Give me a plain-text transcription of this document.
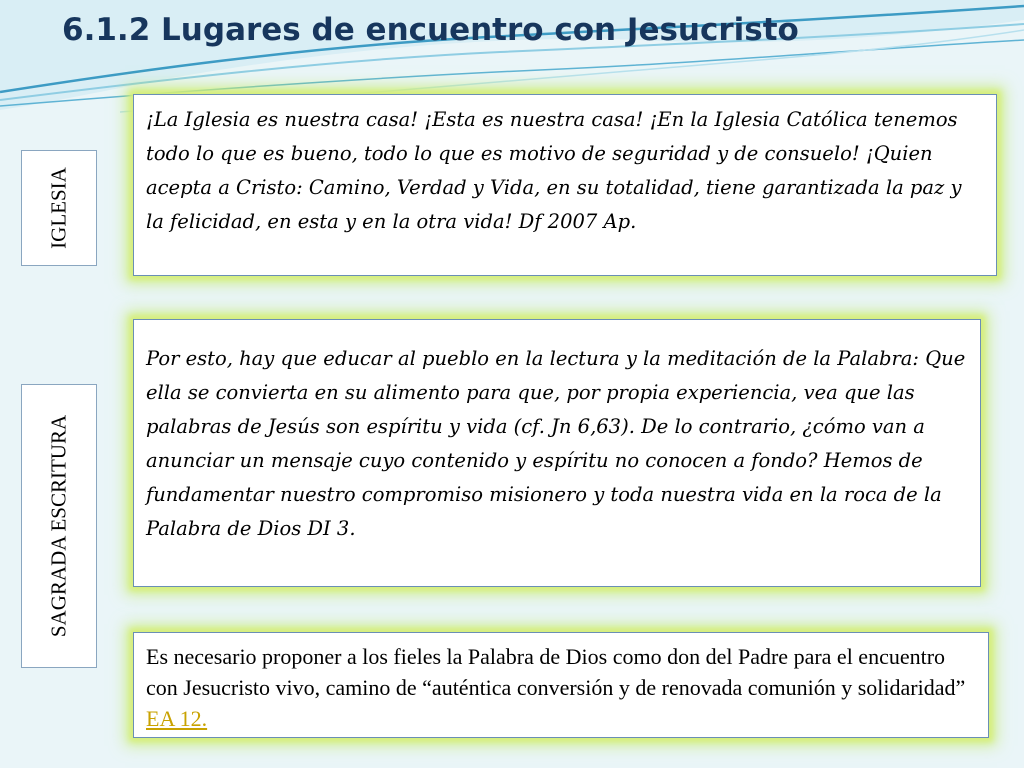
6.1.2 Lugares de encuentro con Jesucristo
IGLESIA
SAGRADA ESCRITURA

¡La Iglesia es nuestra casa! ¡Esta es nuestra casa! ¡En la Iglesia Católica tenemos todo lo que es bueno, todo lo que es motivo de seguridad y de consuelo! ¡Quien acepta a Cristo: Camino, Verdad y Vida, en su totalidad, tiene garantizada la paz y la felicidad, en esta y en la otra vida! Df 2007 Ap.

Por esto, hay que educar al pueblo en la lectura y la meditación de la Palabra: Que ella se convierta en su alimento para que, por propia experiencia, vea que las palabras de Jesús son espíritu y vida (cf. Jn 6,63). De lo contrario, ¿cómo van a anunciar un mensaje cuyo contenido y espíritu no conocen a fondo? Hemos de fundamentar nuestro compromiso misionero y toda nuestra vida en la roca de la Palabra de Dios DI 3.

Es necesario proponer a los fieles la Palabra de Dios como don del Padre para el encuentro con Jesucristo vivo, camino de “auténtica conversión y de renovada comunión y solidaridad” EA 12.
